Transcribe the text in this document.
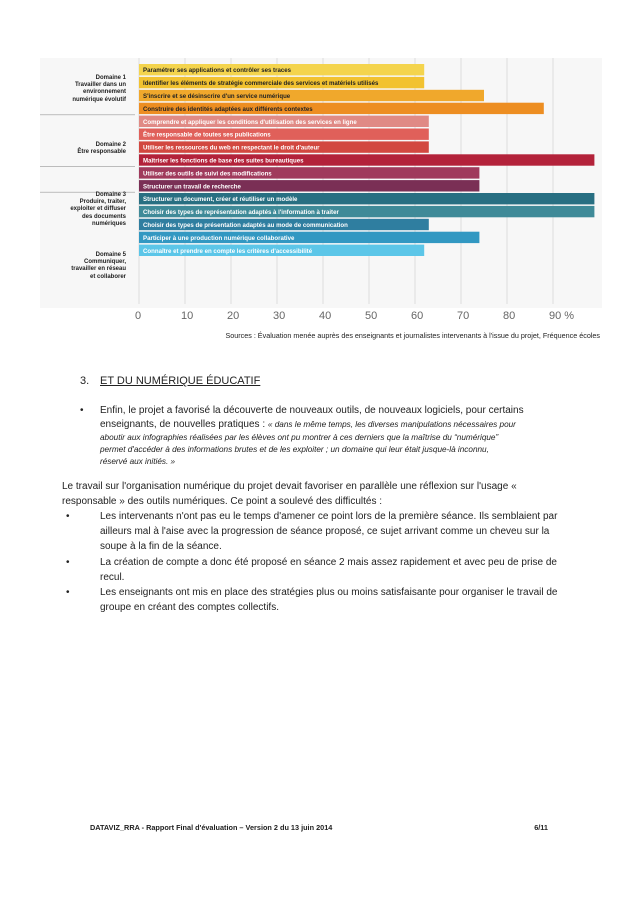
Paramétrer ses applications et contrôler ses traces
Identifier les éléments de stratégie commerciale des services et matériels utilisés
S'inscrire et se désinscrire d'un service numérique
Construire des identités adaptées aux différents contextes
Comprendre et appliquer les conditions d'utilisation des services en ligne
Être responsable de toutes ses publications
Utiliser les ressources du web en respectant le droit d'auteur
Maîtriser les fonctions de base des suites bureautiques
Utiliser des outils de suivi des modifications
Structurer un travail de recherche
Structurer un document, créer et réutiliser un modèle
Choisir des types de représentation adaptés à l'information à traiter
Choisir des types de présentation adaptés au mode de communication
Participer à une production numérique collaborative
Connaître et prendre en compte les critères d'accessibilité
0	10	20	30	40	50	60	70	80	90 %
Domaine 1
Travailler dans un
environnement
numérique évolutif
Domaine 2
Être responsable
Domaine 3
Produire, traiter,
exploiter et diffuser
des documents
numériques
Domaine 5
Communiquer,
travailler en réseau
et collaborer
Sources : Évaluation menée auprès des enseignants et journalistes intervenants à l'issue du projet, Fréquence écoles
3. ET DU NUMÉRIQUE ÉDUCATIF
•	Enfin, le projet a favorisé la découverte de nouveaux outils, de nouveaux logiciels, pour certains enseignants, de nouvelles pratiques : « dans le même temps, les diverses manipulations nécessaires pour
aboutir aux infographies réalisées par les élèves ont pu montrer à ces derniers que la maîtrise du “numérique”
permet d'accéder à des informations brutes et de les exploiter ; un domaine qui leur était jusque-là inconnu,
réservé aux initiés. »
Le travail sur l'organisation numérique du projet devait favoriser en parallèle une réflexion sur l'usage « responsable » des outils numériques. Ce point a soulevé des difficultés :
•	Les intervenants n'ont pas eu le temps d'amener ce point lors de la première séance. Ils semblaient par ailleurs mal à l'aise avec la progression de séance proposé, ce sujet arrivant comme un cheveu sur la soupe à la fin de la séance.
•	La création de compte a donc été proposé en séance 2 mais assez rapidement et avec peu de prise de recul.
•	Les enseignants ont mis en place des stratégies plus ou moins satisfaisante pour organiser le travail de groupe en créant des comptes collectifs.
DATAVIZ_RRA - Rapport Final d'évaluation – Version 2 du 13 juin 2014	6/11
